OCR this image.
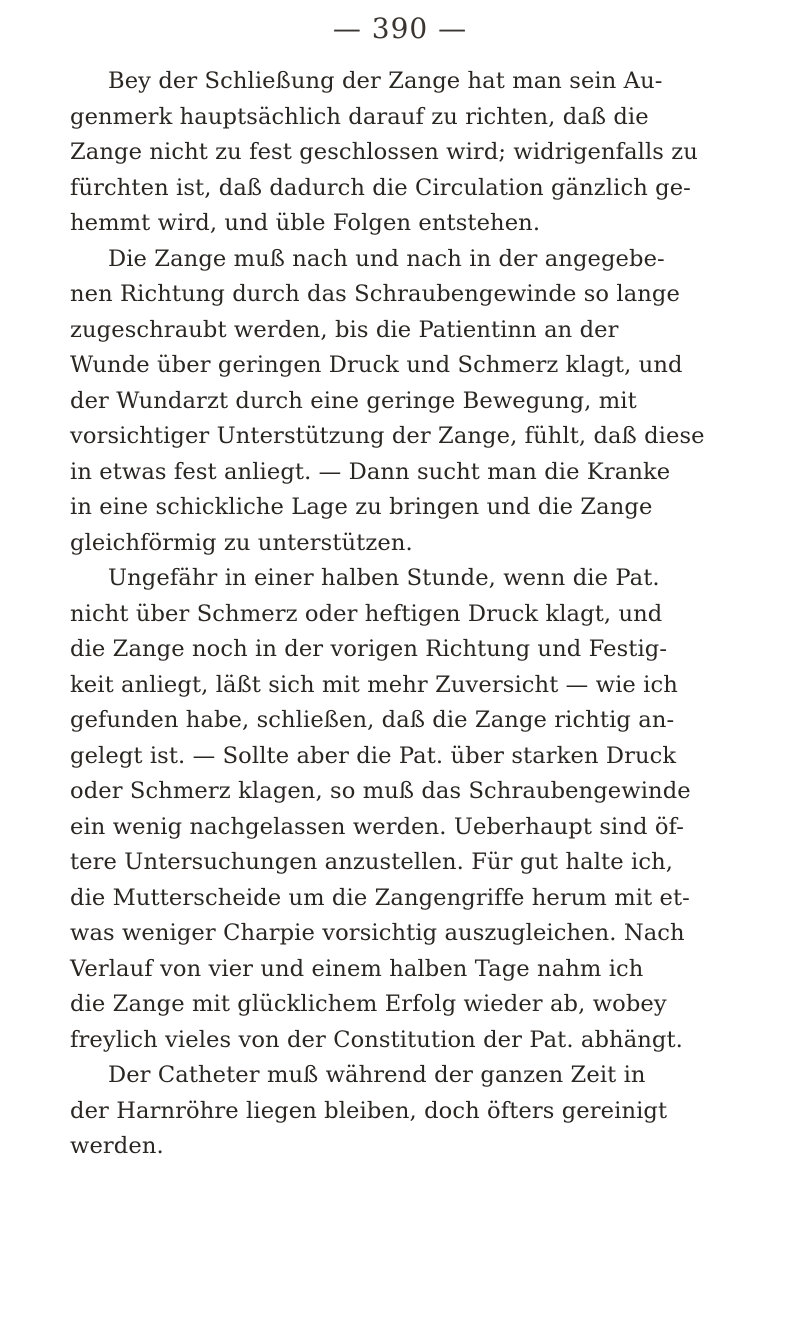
— 390 —
Bey der Schließung der Zange hat man sein Au-
genmerk hauptsächlich darauf zu richten, daß die
Zange nicht zu fest geschlossen wird; widrigenfalls zu
fürchten ist, daß dadurch die Circulation gänzlich ge-
hemmt wird, und üble Folgen entstehen.
Die Zange muß nach und nach in der angegebe-
nen Richtung durch das Schraubengewinde so lange
zugeschraubt werden, bis die Patientinn an der
Wunde über geringen Druck und Schmerz klagt, und
der Wundarzt durch eine geringe Bewegung, mit
vorsichtiger Unterstützung der Zange, fühlt, daß diese
in etwas fest anliegt. — Dann sucht man die Kranke
in eine schickliche Lage zu bringen und die Zange
gleichförmig zu unterstützen.
Ungefähr in einer halben Stunde, wenn die Pat.
nicht über Schmerz oder heftigen Druck klagt, und
die Zange noch in der vorigen Richtung und Festig-
keit anliegt, läßt sich mit mehr Zuversicht — wie ich
gefunden habe, schließen, daß die Zange richtig an-
gelegt ist. — Sollte aber die Pat. über starken Druck
oder Schmerz klagen, so muß das Schraubengewinde
ein wenig nachgelassen werden. Ueberhaupt sind öf-
tere Untersuchungen anzustellen. Für gut halte ich,
die Mutterscheide um die Zangengriffe herum mit et-
was weniger Charpie vorsichtig auszugleichen. Nach
Verlauf von vier und einem halben Tage nahm ich
die Zange mit glücklichem Erfolg wieder ab, wobey
freylich vieles von der Constitution der Pat. abhängt.
Der Catheter muß während der ganzen Zeit in
der Harnröhre liegen bleiben, doch öfters gereinigt
werden.
